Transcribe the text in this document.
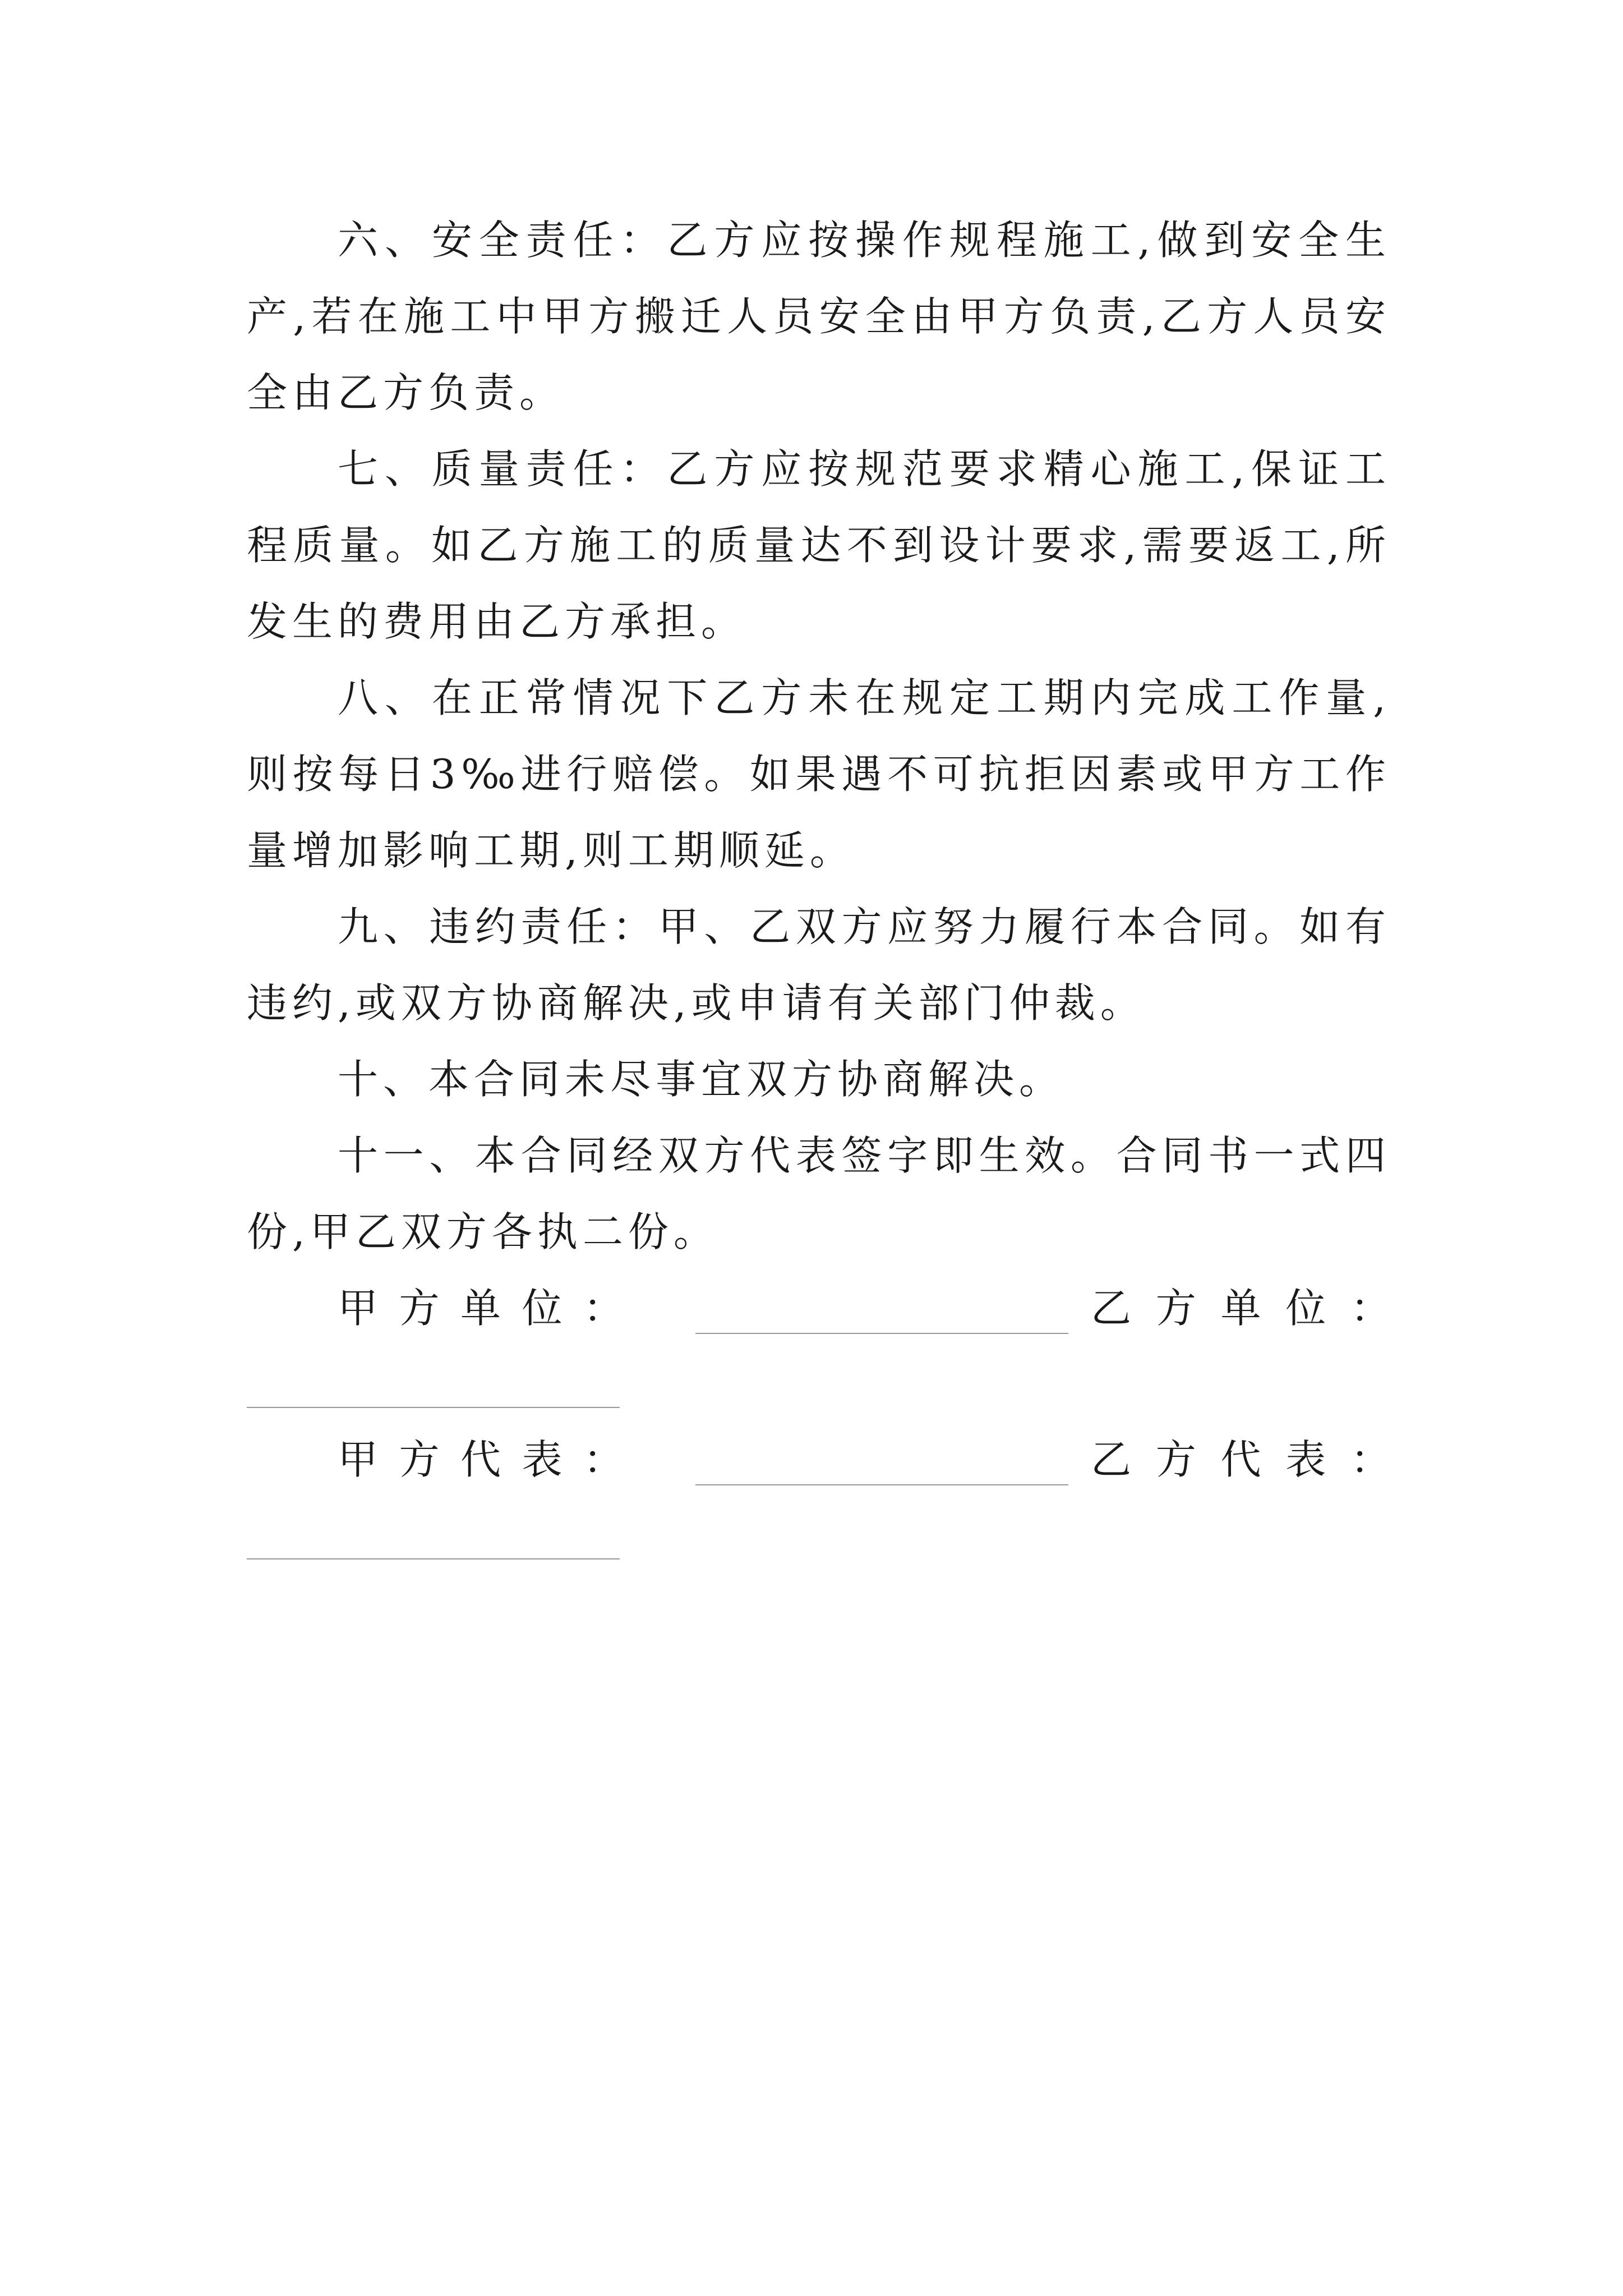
六、安全责任：乙方应按操作规程施工,做到安全生产,若在施工中甲方搬迁人员安全由甲方负责,乙方人员安全由乙方负责。

七、质量责任：乙方应按规范要求精心施工,保证工程质量。如乙方施工的质量达不到设计要求,需要返工,所发生的费用由乙方承担。

八、在正常情况下乙方未在规定工期内完成工作量,则按每日3‰进行赔偿。如果遇不可抗拒因素或甲方工作量增加影响工期,则工期顺延。

九、违约责任：甲、乙双方应努力履行本合同。如有违约,或双方协商解决,或申请有关部门仲裁。

十、本合同未尽事宜双方协商解决。

十一、本合同经双方代表签字即生效。合同书一式四份,甲乙双方各执二份。

甲 方 单 位 ：	乙 方 单 位 ：
甲 方 代 表 ：	乙 方 代 表 ：
